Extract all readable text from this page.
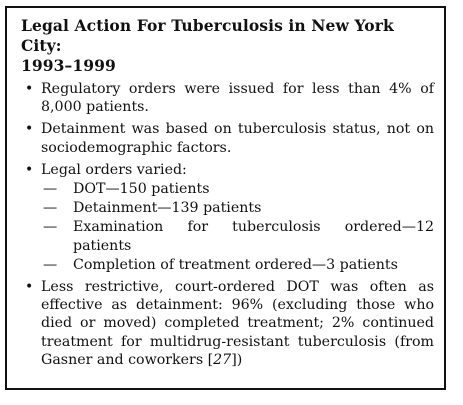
Legal Action For Tuberculosis in New York City:
1993–1999
• Regulatory orders were issued for less than 4% of 8,000 patients.
• Detainment was based on tuberculosis status, not on sociodemographic factors.
• Legal orders varied:
— DOT—150 patients
— Detainment—139 patients
— Examination for tuberculosis ordered—12 patients
— Completion of treatment ordered—3 patients
• Less restrictive, court-ordered DOT was often as effective as detainment: 96% (excluding those who died or moved) completed treatment; 2% continued treatment for multidrug-resistant tuberculosis (from Gasner and coworkers [27])
